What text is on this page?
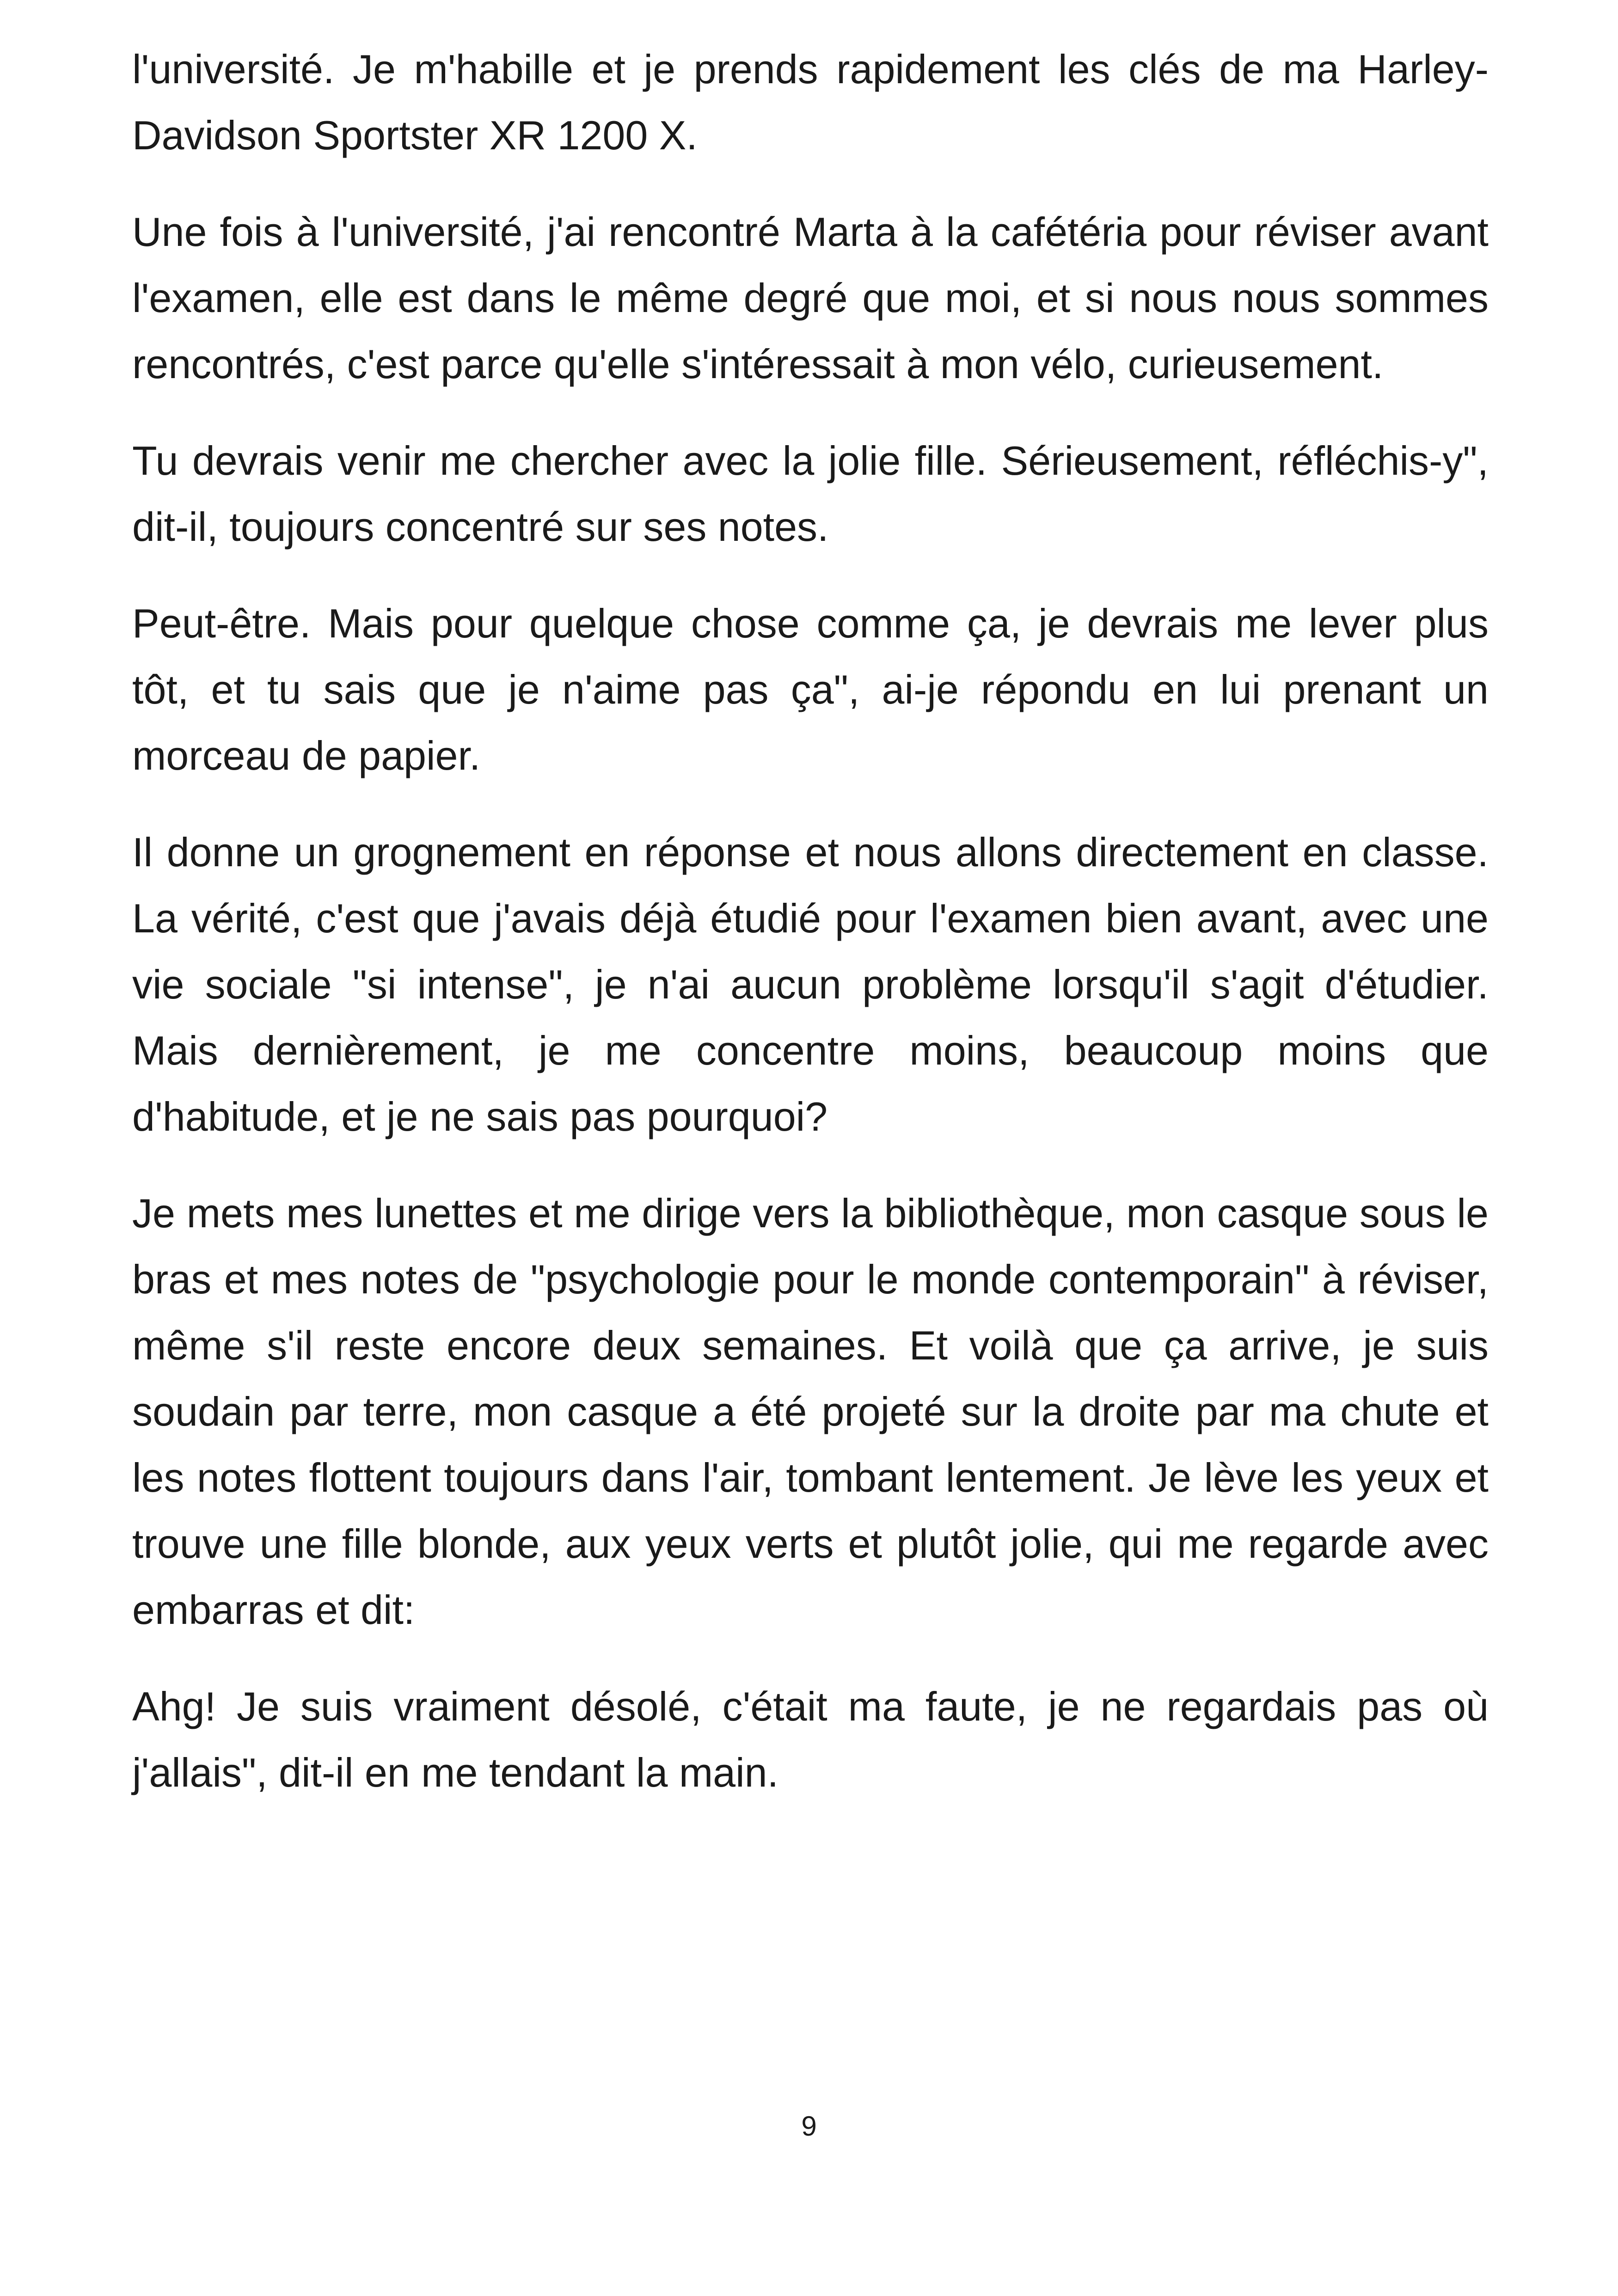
l'université. Je m'habille et je prends rapidement les clés de ma Harley-Davidson Sportster XR 1200 X.

Une fois à l'université, j'ai rencontré Marta à la cafétéria pour réviser avant l'examen, elle est dans le même degré que moi, et si nous nous sommes rencontrés, c'est parce qu'elle s'intéressait à mon vélo, curieusement.

Tu devrais venir me chercher avec la jolie fille. Sérieusement, réfléchis-y", dit-il, toujours concentré sur ses notes.

Peut-être. Mais pour quelque chose comme ça, je devrais me lever plus tôt, et tu sais que je n'aime pas ça", ai-je répondu en lui prenant un morceau de papier.

Il donne un grognement en réponse et nous allons directement en classe. La vérité, c'est que j'avais déjà étudié pour l'examen bien avant, avec une vie sociale "si intense", je n'ai aucun problème lorsqu'il s'agit d'étudier. Mais dernièrement, je me concentre moins, beaucoup moins que d'habitude, et je ne sais pas pourquoi?

Je mets mes lunettes et me dirige vers la bibliothèque, mon casque sous le bras et mes notes de "psychologie pour le monde contemporain" à réviser, même s'il reste encore deux semaines. Et voilà que ça arrive, je suis soudain par terre, mon casque a été projeté sur la droite par ma chute et les notes flottent toujours dans l'air, tombant lentement. Je lève les yeux et trouve une fille blonde, aux yeux verts et plutôt jolie, qui me regarde avec embarras et dit:

Ahg! Je suis vraiment désolé, c'était ma faute, je ne regardais pas où j'allais", dit-il en me tendant la main.

9
